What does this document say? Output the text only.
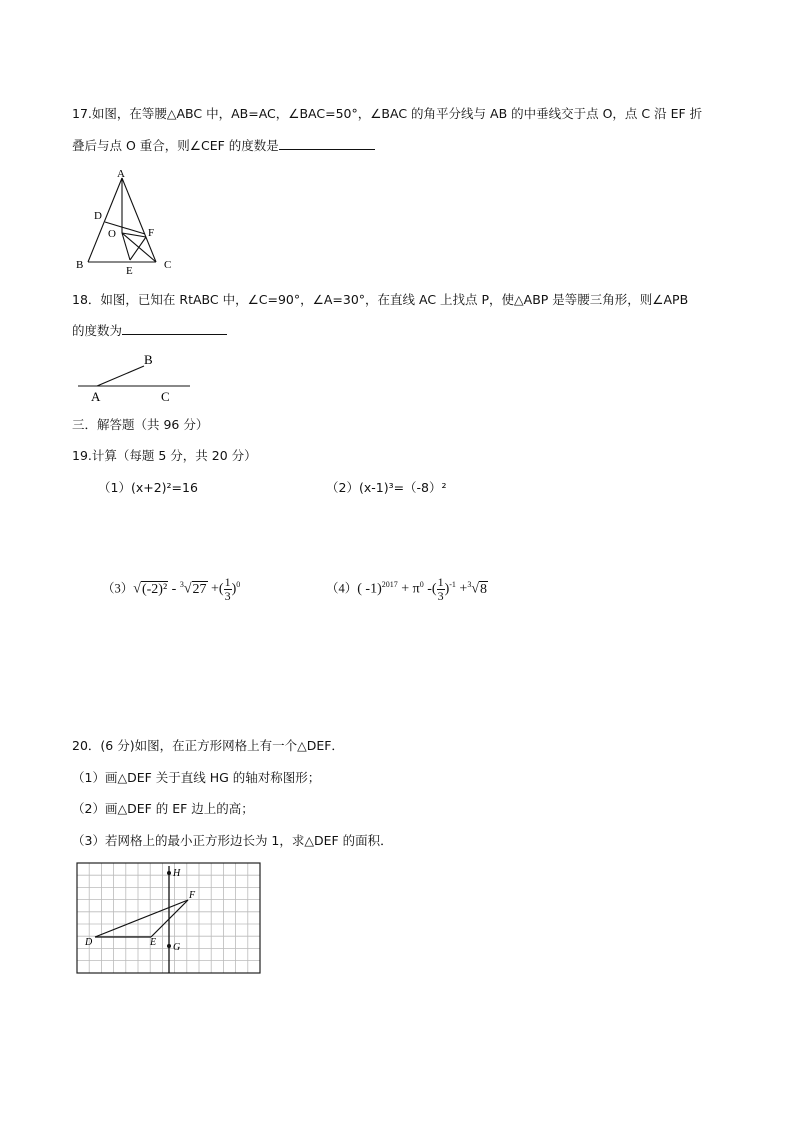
17.如图，在等腰△ABC 中，AB=AC，∠BAC=50°，∠BAC 的角平分线与 AB 的中垂线交于点 O，点 C 沿 EF 折
叠后与点 O 重合，则∠CEF 的度数是
A
D
O	F
B	E	C
18．如图，已知在 RtABC 中，∠C=90°，∠A=30°，在直线 AC 上找点 P，使△ABP 是等腰三角形，则∠APB
的度数为
B
A	C
三．解答题（共 96 分）
19.计算（每题 5 分，共 20 分）
（1）(x+2)²=16	（2）(x-1)³=（-8）²
（3）√(-2)² - $^3$√27 +( $\frac{1}{3} )^0$	（4）( $-1)^{2017} + \pi^0$ -( $\frac{1}{3} )^{-1} +^3√8$
20．(6 分)如图，在正方形网格上有一个△DEF．
（1）画△DEF 关于直线 HG 的轴对称图形；
（2）画△DEF 的 EF 边上的高；
（3）若网格上的最小正方形边长为 1，求△DEF 的面积．
H
F
D	E G
